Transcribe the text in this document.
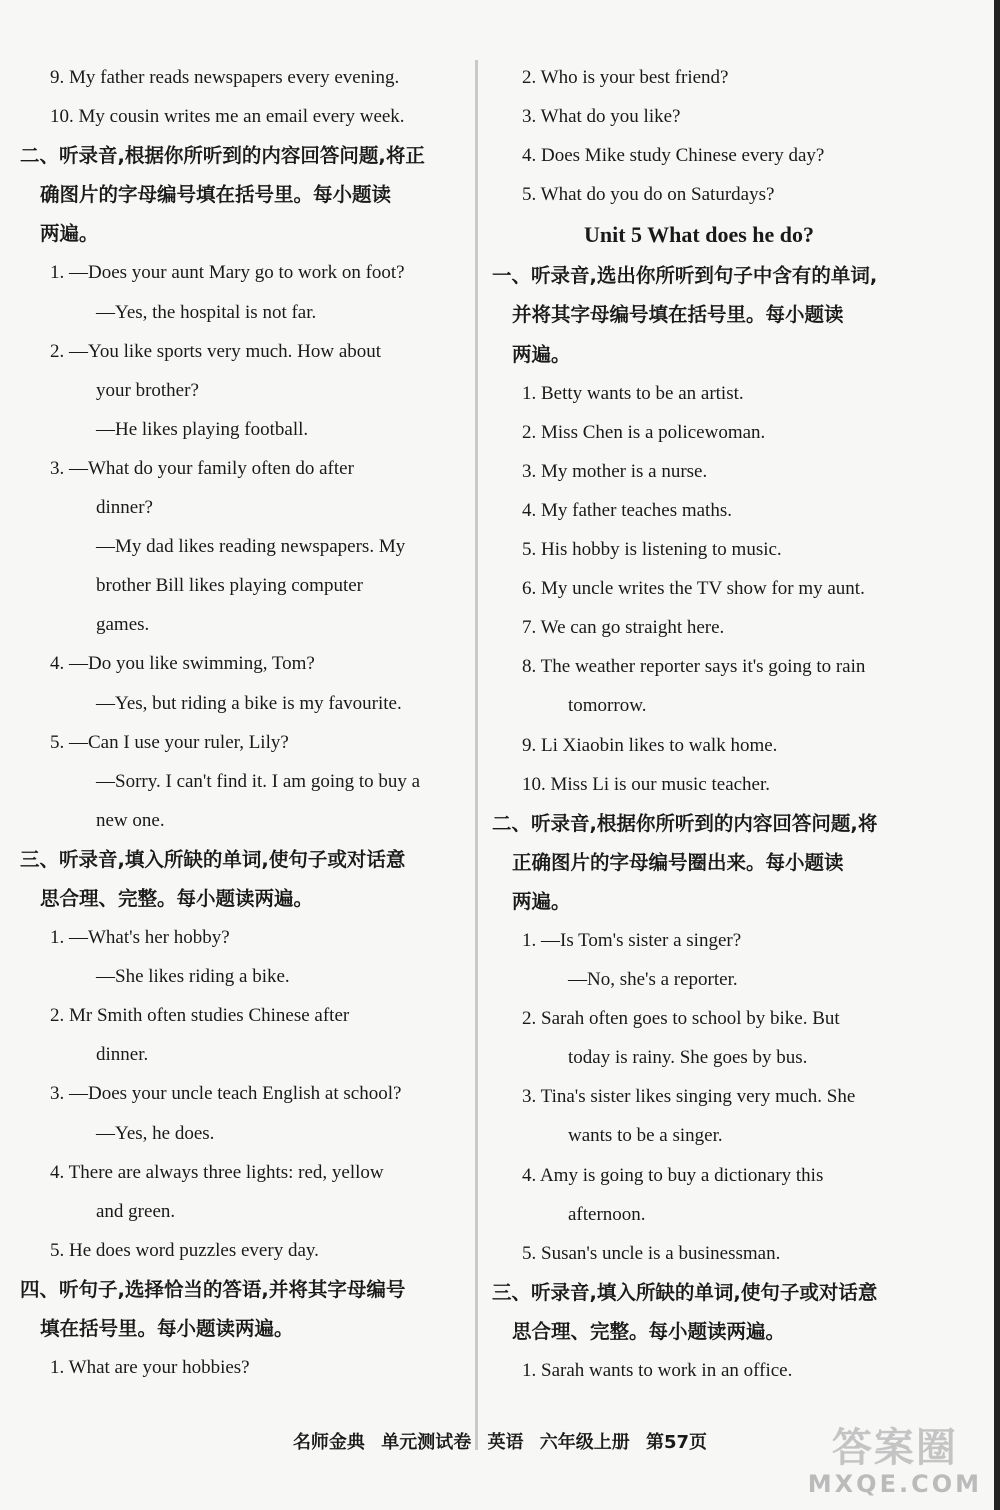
9. My father reads newspapers every evening.
10. My cousin writes me an email every week.
二、听录音,根据你所听到的内容回答问题,将正
确图片的字母编号填在括号里。每小题读
两遍。
1. —Does your aunt Mary go to work on foot?
—Yes, the hospital is not far.
2. —You like sports very much. How about
your brother?
—He likes playing football.
3. —What do your family often do after
dinner?
—My dad likes reading newspapers. My
brother Bill likes playing computer
games.
4. —Do you like swimming, Tom?
—Yes, but riding a bike is my favourite.
5. —Can I use your ruler, Lily?
—Sorry. I can't find it. I am going to buy a
new one.
三、听录音,填入所缺的单词,使句子或对话意
思合理、完整。每小题读两遍。
1. —What's her hobby?
—She likes riding a bike.
2. Mr Smith often studies Chinese after
dinner.
3. —Does your uncle teach English at school?
—Yes, he does.
4. There are always three lights: red, yellow
and green.
5. He does word puzzles every day.
四、听句子,选择恰当的答语,并将其字母编号
填在括号里。每小题读两遍。
1. What are your hobbies?
2. Who is your best friend?
3. What do you like?
4. Does Mike study Chinese every day?
5. What do you do on Saturdays?
Unit 5 What does he do?
一、听录音,选出你所听到句子中含有的单词,
并将其字母编号填在括号里。每小题读
两遍。
1. Betty wants to be an artist.
2. Miss Chen is a policewoman.
3. My mother is a nurse.
4. My father teaches maths.
5. His hobby is listening to music.
6. My uncle writes the TV show for my aunt.
7. We can go straight here.
8. The weather reporter says it's going to rain
tomorrow.
9. Li Xiaobin likes to walk home.
10. Miss Li is our music teacher.
二、听录音,根据你所听到的内容回答问题,将
正确图片的字母编号圈出来。每小题读
两遍。
1. —Is Tom's sister a singer?
—No, she's a reporter.
2. Sarah often goes to school by bike. But
today is rainy. She goes by bus.
3. Tina's sister likes singing very much. She
wants to be a singer.
4. Amy is going to buy a dictionary this
afternoon.
5. Susan's uncle is a businessman.
三、听录音,填入所缺的单词,使句子或对话意
思合理、完整。每小题读两遍。
1. Sarah wants to work in an office.
名师金典 单元测试卷 英语 六年级上册 第57页	答案圈
MXQE.COM
